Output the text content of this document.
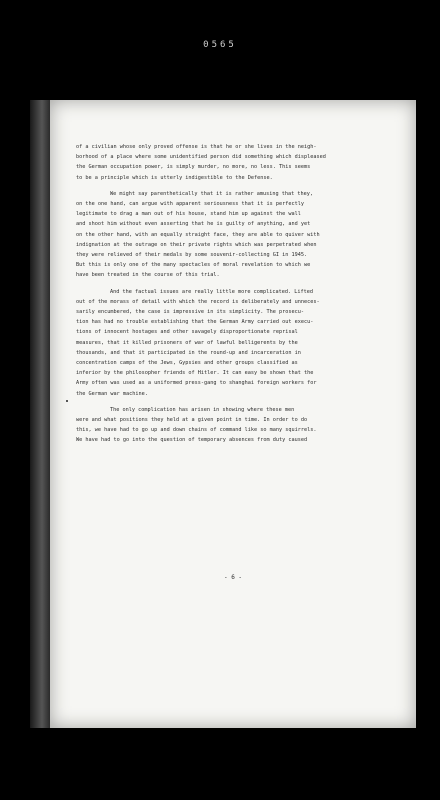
0565
of a civilian whose only proved offense is that he or she lives in the neigh-
borhood of a place where some unidentified person did something which displeased
the German occupation power, is simply murder, no more, no less. This seems
to be a principle which is utterly indigestible to the Defense.
We might say parenthetically that it is rather amusing that they,
on the one hand, can argue with apparent seriousness that it is perfectly
legitimate to drag a man out of his house, stand him up against the wall
and shoot him without even asserting that he is guilty of anything, and yet
on the other hand, with an equally straight face, they are able to quiver with
indignation at the outrage on their private rights which was perpetrated when
they were relieved of their medals by some souvenir-collecting GI in 1945.
But this is only one of the many spectacles of moral revelation to which we
have been treated in the course of this trial.
And the factual issues are really little more complicated. Lifted
out of the morass of detail with which the record is deliberately and unneces-
sarily encumbered, the case is impressive in its simplicity. The prosecu-
tion has had no trouble establishing that the German Army carried out execu-
tions of innocent hostages and other savagely disproportionate reprisal
measures, that it killed prisoners of war of lawful belligerents by the
thousands, and that it participated in the round-up and incarceration in
concentration camps of the Jews, Gypsies and other groups classified as
inferior by the philosopher friends of Hitler. It can easy be shown that the
Army often was used as a uniformed press-gang to shanghai foreign workers for
the German war machine.
The only complication has arisen in showing where these men
were and what positions they held at a given point in time. In order to do
this, we have had to go up and down chains of command like so many squirrels.
We have had to go into the question of temporary absences from duty caused
- 6 -
